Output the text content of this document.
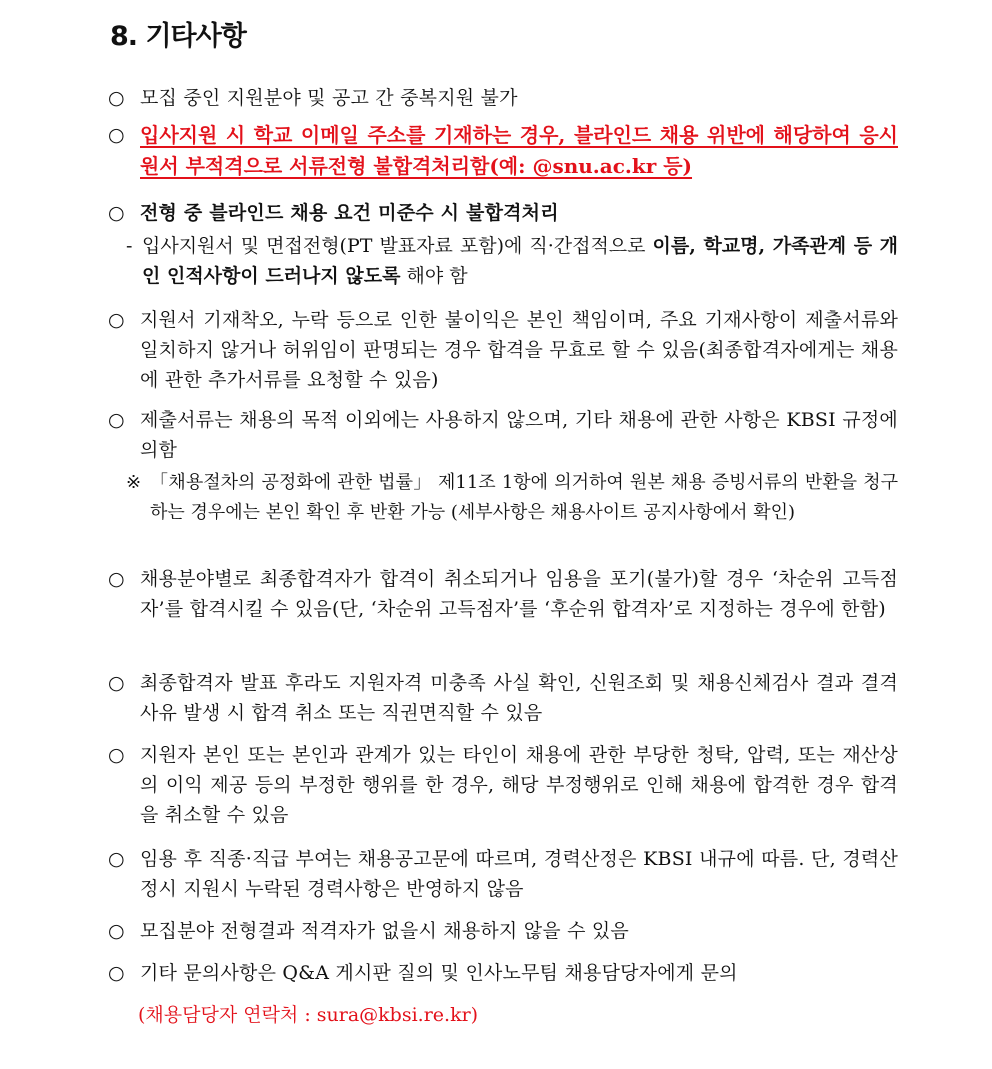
8. 기타사항
○ 모집 중인 지원분야 및 공고 간 중복지원 불가
○ 입사지원 시 학교 이메일 주소를 기재하는 경우, 블라인드 채용 위반에 해당하여 응시원서 부적격으로 서류전형 불합격처리함(예: @snu.ac.kr 등)
○ 전형 중 블라인드 채용 요건 미준수 시 불합격처리
- 입사지원서 및 면접전형(PT 발표자료 포함)에 직·간접적으로 이름, 학교명, 가족관계 등 개인 인적사항이 드러나지 않도록 해야 함
○ 지원서 기재착오, 누락 등으로 인한 불이익은 본인 책임이며, 주요 기재사항이 제출서류와 일치하지 않거나 허위임이 판명되는 경우 합격을 무효로 할 수 있음(최종합격자에게는 채용에 관한 추가서류를 요청할 수 있음)
○ 제출서류는 채용의 목적 이외에는 사용하지 않으며, 기타 채용에 관한 사항은 KBSI 규정에 의함
※ 「채용절차의 공정화에 관한 법률」 제11조 1항에 의거하여 원본 채용 증빙서류의 반환을 청구하는 경우에는 본인 확인 후 반환 가능 (세부사항은 채용사이트 공지사항에서 확인)
○ 채용분야별로 최종합격자가 합격이 취소되거나 임용을 포기(불가)할 경우 ‘차순위 고득점자’를 합격시킬 수 있음(단, ‘차순위 고득점자’를 ‘후순위 합격자’로 지정하는 경우에 한함)
○ 최종합격자 발표 후라도 지원자격 미충족 사실 확인, 신원조회 및 채용신체검사 결과 결격사유 발생 시 합격 취소 또는 직권면직할 수 있음
○ 지원자 본인 또는 본인과 관계가 있는 타인이 채용에 관한 부당한 청탁, 압력, 또는 재산상의 이익 제공 등의 부정한 행위를 한 경우, 해당 부정행위로 인해 채용에 합격한 경우 합격을 취소할 수 있음
○ 임용 후 직종·직급 부여는 채용공고문에 따르며, 경력산정은 KBSI 내규에 따름. 단, 경력산정시 지원시 누락된 경력사항은 반영하지 않음
○ 모집분야 전형결과 적격자가 없을시 채용하지 않을 수 있음
○ 기타 문의사항은 Q&A 게시판 질의 및 인사노무팀 채용담당자에게 문의
(채용담당자 연락처 : sura@kbsi.re.kr)
